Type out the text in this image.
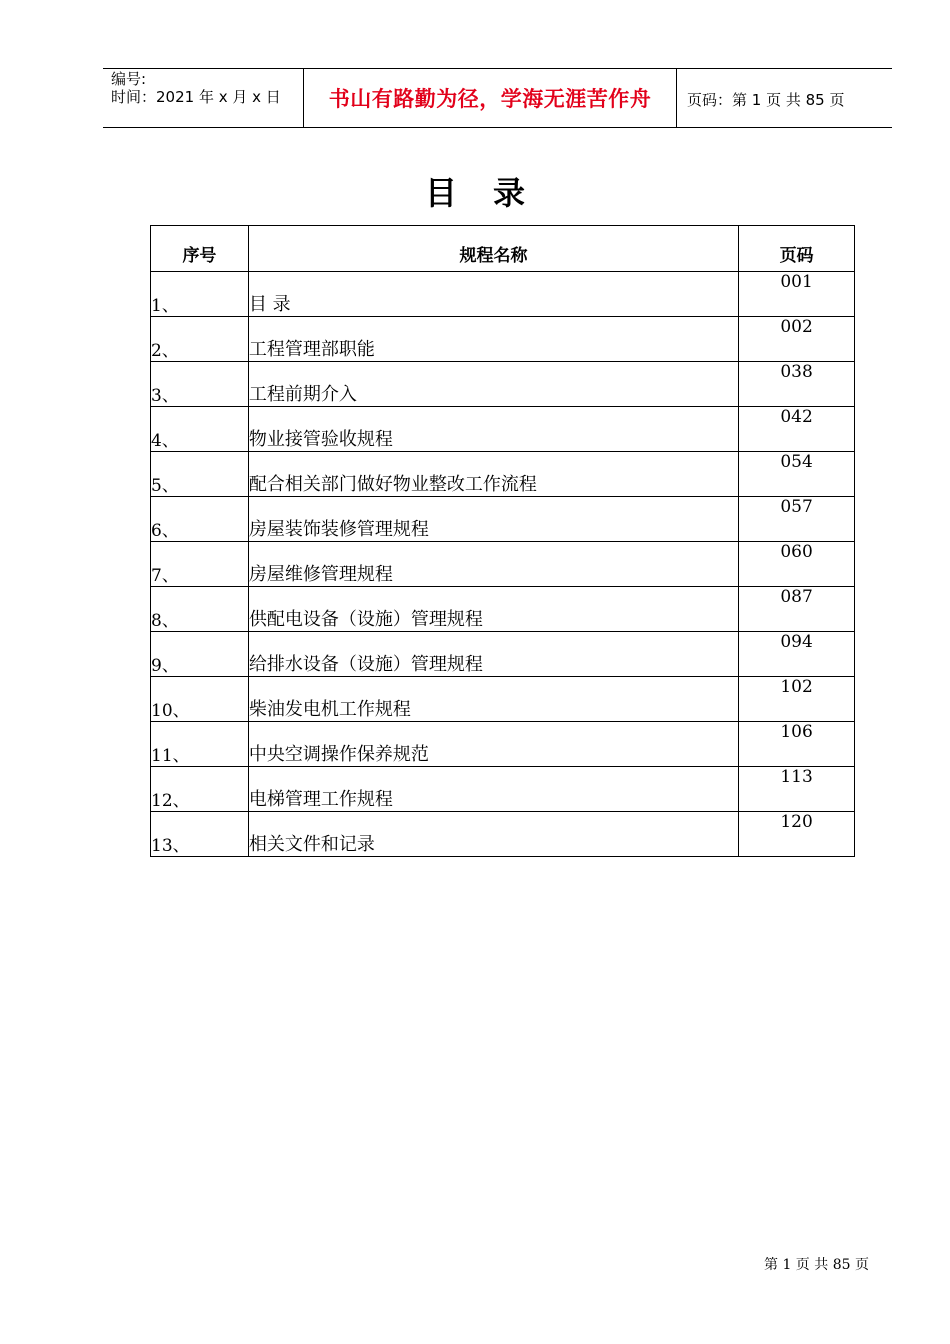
编号:
时间：2021 年 x 月 x 日	书山有路勤为径，学海无涯苦作舟	页码：第 1 页 共 85 页
目录
序号	规程名称	页码
1、	目 录	001
2、	工程管理部职能	002
3、	工程前期介入	038
4、	物业接管验收规程	042
5、	配合相关部门做好物业整改工作流程	054
6、	房屋装饰装修管理规程	057
7、	房屋维修管理规程	060
8、	供配电设备（设施）管理规程	087
9、	给排水设备（设施）管理规程	094
10、	柴油发电机工作规程	102
11、	中央空调操作保养规范	106
12、	电梯管理工作规程	113
13、	相关文件和记录	120
第 1 页 共 85 页
